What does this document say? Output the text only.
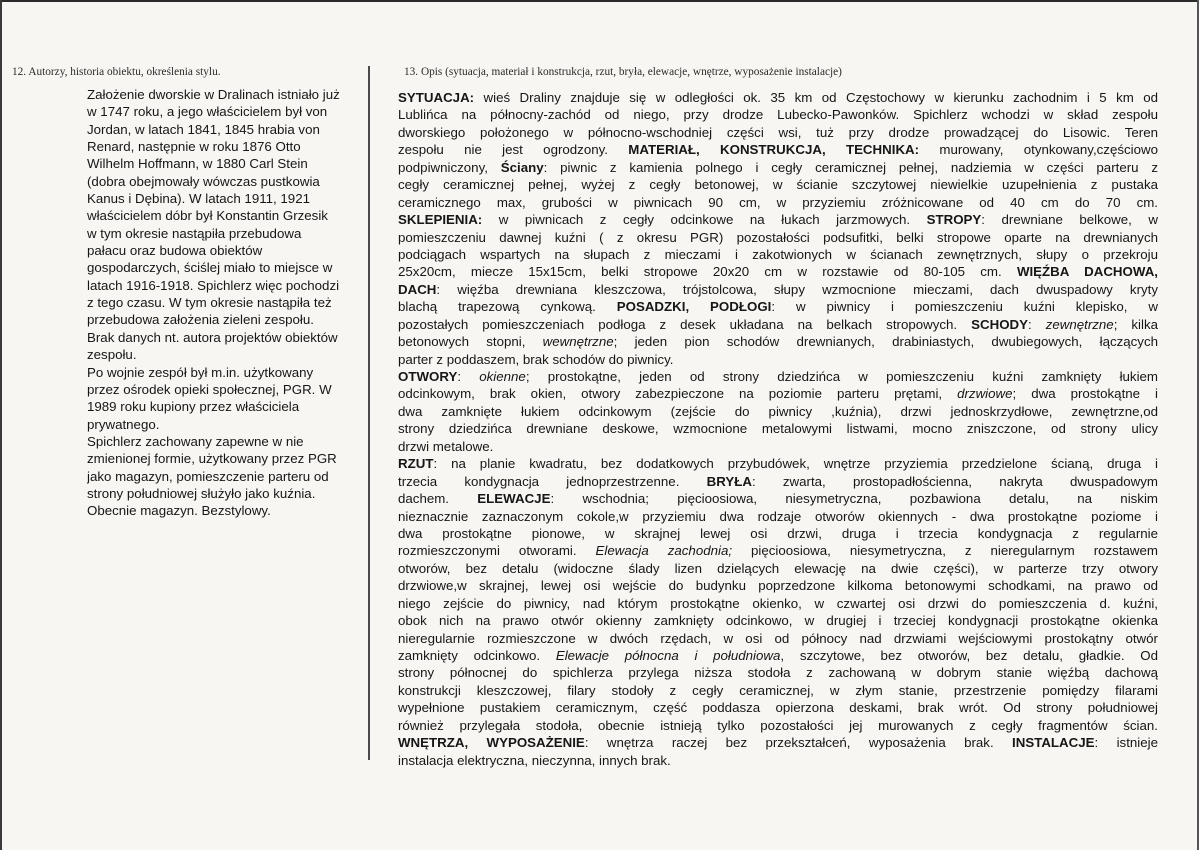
12. Autorzy, historia obiektu, określenia stylu.	13. Opis (sytuacja, materiał i konstrukcja, rzut, bryła, elewacje, wnętrze, wyposażenie instalacje)
Założenie dworskie w Dralinach istniało już
w 1747 roku, a jego właścicielem był von
Jordan, w latach 1841, 1845 hrabia von
Renard, następnie w roku 1876 Otto
Wilhelm Hoffmann, w 1880 Carl Stein
(dobra obejmowały wówczas pustkowia
Kanus i Dębina). W latach 1911, 1921
właścicielem dóbr był Konstantin Grzesik
w tym okresie nastąpiła przebudowa
pałacu oraz budowa obiektów
gospodarczych, ściślej miało to miejsce w
latach 1916-1918. Spichlerz więc pochodzi
z tego czasu. W tym okresie nastąpiła też
przebudowa założenia zieleni zespołu.
Brak danych nt. autora projektów obiektów
zespołu.
Po wojnie zespół był m.in. użytkowany
przez ośrodek opieki społecznej, PGR. W
1989 roku kupiony przez właściciela
prywatnego.
Spichlerz zachowany zapewne w nie
zmienionej formie, użytkowany przez PGR
jako magazyn, pomieszczenie parteru od
strony południowej służyło jako kuźnia.
Obecnie magazyn. Bezstylowy.
SYTUACJA: wieś Draliny znajduje się w odległości ok. 35 km od Częstochowy w kierunku zachodnim i 5 km od
Lublińca na północny-zachód od niego, przy drodze Lubecko-Pawonków. Spichlerz wchodzi w skład zespołu
dworskiego położonego w północno-wschodniej części wsi, tuż przy drodze prowadzącej do Lisowic. Teren
zespołu nie jest ogrodzony. MATERIAŁ, KONSTRUKCJA, TECHNIKA: murowany, otynkowany,częściowo
podpiwniczony, Ściany: piwnic z kamienia polnego i cegły ceramicznej pełnej, nadziemia w części parteru z
cegły ceramicznej pełnej, wyżej z cegły betonowej, w ścianie szczytowej niewielkie uzupełnienia z pustaka
ceramicznego max, grubości w piwnicach 90 cm, w przyziemiu zróżnicowane od 40 cm do 70 cm.
SKLEPIENIA: w piwnicach z cegły odcinkowe na łukach jarzmowych. STROPY: drewniane belkowe, w
pomieszczeniu dawnej kuźni ( z okresu PGR) pozostałości podsufitki, belki stropowe oparte na drewnianych
podciągach wspartych na słupach z mieczami i zakotwionych w ścianach zewnętrznych, słupy o przekroju
25x20cm, miecze 15x15cm, belki stropowe 20x20 cm w rozstawie od 80-105 cm. WIĘŹBA DACHOWA,
DACH: więźba drewniana kleszczowa, trójstolcowa, słupy wzmocnione mieczami, dach dwuspadowy kryty
blachą trapezową cynkową. POSADZKI, PODŁOGI: w piwnicy i pomieszczeniu kuźni klepisko, w
pozostałych pomieszczeniach podłoga z desek układana na belkach stropowych. SCHODY: zewnętrzne; kilka
betonowych stopni, wewnętrzne; jeden pion schodów drewnianych, drabiniastych, dwubiegowych, łączących
parter z poddaszem, brak schodów do piwnicy.
OTWORY: okienne; prostokątne, jeden od strony dziedzińca w pomieszczeniu kuźni zamknięty łukiem
odcinkowym, brak okien, otwory zabezpieczone na poziomie parteru prętami, drzwiowe; dwa prostokątne i
dwa zamknięte łukiem odcinkowym (zejście do piwnicy ,kuźnia), drzwi jednoskrzydłowe, zewnętrzne,od
strony dziedzińca drewniane deskowe, wzmocnione metalowymi listwami, mocno zniszczone, od strony ulicy
drzwi metalowe.
RZUT: na planie kwadratu, bez dodatkowych przybudówek, wnętrze przyziemia przedzielone ścianą, druga i
trzecia kondygnacja jednoprzestrzenne. BRYŁA: zwarta, prostopadłościenna, nakryta dwuspadowym
dachem. ELEWACJE: wschodnia; pięcioosiowa, niesymetryczna, pozbawiona detalu, na niskim
nieznacznie zaznaczonym cokole,w przyziemiu dwa rodzaje otworów okiennych - dwa prostokątne poziome i
dwa prostokątne pionowe, w skrajnej lewej osi drzwi, druga i trzecia kondygnacja z regularnie
rozmieszczonymi otworami. Elewacja zachodnia; pięcioosiowa, niesymetryczna, z nieregularnym rozstawem
otworów, bez detalu (widoczne ślady lizen dzielących elewację na dwie części), w parterze trzy otwory
drzwiowe,w skrajnej, lewej osi wejście do budynku poprzedzone kilkoma betonowymi schodkami, na prawo od
niego zejście do piwnicy, nad którym prostokątne okienko, w czwartej osi drzwi do pomieszczenia d. kuźni,
obok nich na prawo otwór okienny zamknięty odcinkowo, w drugiej i trzeciej kondygnacji prostokątne okienka
nieregularnie rozmieszczone w dwóch rzędach, w osi od północy nad drzwiami wejściowymi prostokątny otwór
zamknięty odcinkowo. Elewacje północna i południowa, szczytowe, bez otworów, bez detalu, gładkie. Od
strony północnej do spichlerza przylega niższa stodoła z zachowaną w dobrym stanie więźbą dachową
konstrukcji kleszczowej, filary stodoły z cegły ceramicznej, w złym stanie, przestrzenie pomiędzy filarami
wypełnione pustakiem ceramicznym, część poddasza opierzona deskami, brak wrót. Od strony południowej
również przylegała stodoła, obecnie istnieją tylko pozostałości jej murowanych z cegły fragmentów ścian.
WNĘTRZA, WYPOSAŻENIE: wnętrza raczej bez przekształceń, wyposażenia brak. INSTALACJE: istnieje
instalacja elektryczna, nieczynna, innych brak.
